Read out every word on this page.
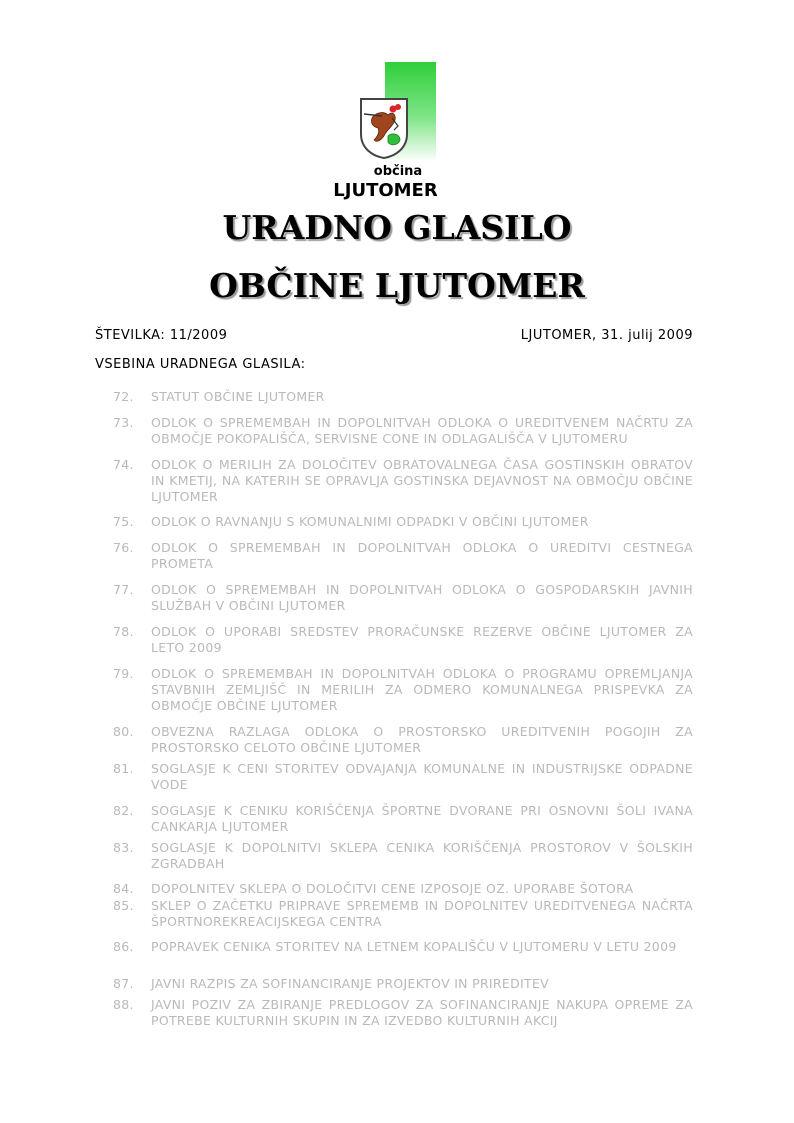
občina
LJUTOMER
URADNO GLASILO
OBČINE LJUTOMER
ŠTEVILKA: 11/2009	LJUTOMER, 31. julij 2009
VSEBINA URADNEGA GLASILA:
72.	STATUT OBČINE LJUTOMER
73.	ODLOK O SPREMEMBAH IN DOPOLNITVAH ODLOKA O UREDITVENEM NAČRTU ZA OBMOČJE POKOPALIŠČA, SERVISNE CONE IN ODLAGALIŠČA V LJUTOMERU
74.	ODLOK O MERILIH ZA DOLOČITEV OBRATOVALNEGA ČASA GOSTINSKIH OBRATOV IN KMETIJ, NA KATERIH SE OPRAVLJA GOSTINSKA DEJAVNOST NA OBMOČJU OBČINE LJUTOMER
75.	ODLOK O RAVNANJU S KOMUNALNIMI ODPADKI V OBČINI LJUTOMER
76.	ODLOK O SPREMEMBAH IN DOPOLNITVAH ODLOKA O UREDITVI CESTNEGA PROMETA
77.	ODLOK O SPREMEMBAH IN DOPOLNITVAH ODLOKA O GOSPODARSKIH JAVNIH SLUŽBAH V OBČINI LJUTOMER
78.	ODLOK O UPORABI SREDSTEV PRORAČUNSKE REZERVE OBČINE LJUTOMER ZA LETO 2009
79.	ODLOK O SPREMEMBAH IN DOPOLNITVAH ODLOKA O PROGRAMU OPREMLJANJA STAVBNIH ZEMLJIŠČ IN MERILIH ZA ODMERO KOMUNALNEGA PRISPEVKA ZA OBMOČJE OBČINE LJUTOMER
80.	OBVEZNA RAZLAGA ODLOKA O PROSTORSKO UREDITVENIH POGOJIH ZA PROSTORSKO CELOTO OBČINE LJUTOMER
81.	SOGLASJE K CENI STORITEV ODVAJANJA KOMUNALNE IN INDUSTRIJSKE ODPADNE VODE
82.	SOGLASJE K CENIKU KORIŠČENJA ŠPORTNE DVORANE PRI OSNOVNI ŠOLI IVANA CANKARJA LJUTOMER
83.	SOGLASJE K DOPOLNITVI SKLEPA CENIKA KORIŠČENJA PROSTOROV V ŠOLSKIH ZGRADBAH
84.	DOPOLNITEV SKLEPA O DOLOČITVI CENE IZPOSOJE OZ. UPORABE ŠOTORA
85.	SKLEP O ZAČETKU PRIPRAVE SPREMEMB IN DOPOLNITEV UREDITVENEGA NAČRTA ŠPORTNOREKREACIJSKEGA CENTRA
86.	POPRAVEK CENIKA STORITEV NA LETNEM KOPALIŠČU V LJUTOMERU V LETU 2009
87.	JAVNI RAZPIS ZA SOFINANCIRANJE PROJEKTOV IN PRIREDITEV
88.	JAVNI POZIV ZA ZBIRANJE PREDLOGOV ZA SOFINANCIRANJE NAKUPA OPREME ZA POTREBE KULTURNIH SKUPIN IN ZA IZVEDBO KULTURNIH AKCIJ
